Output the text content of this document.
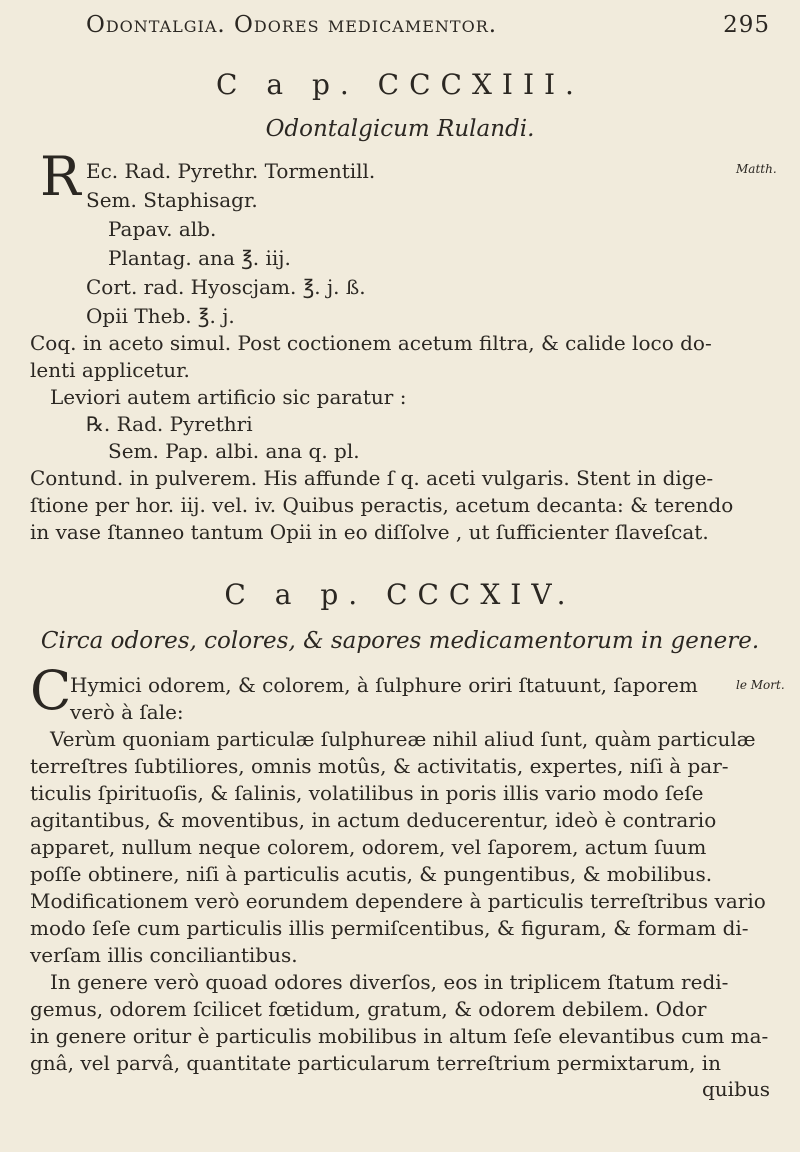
Odontalgia. Odores medicamentor.	295
C a p. CCCXIII.
Odontalgicum Rulandi.
R	Matth.
Ec. Rad. Pyrethr. Tormentill.
Sem. Staphisagr.
Papav. alb.
Plantag. ana ℥. iij.
Cort. rad. Hyoscjam. ℥. j. ß.
Opii Theb. ℥. j.
Coq. in aceto simul. Post coctionem acetum filtra, & calide loco do-
lenti applicetur.
Leviori autem artificio sic paratur :
℞. Rad. Pyrethri
Sem. Pap. albi. ana q. pl.
Contund. in pulverem. His affunde ſ q. aceti vulgaris. Stent in dige-
ſtione per hor. iij. vel. iv. Quibus peractis, acetum decanta: & terendo
in vase ſtanneo tantum Opii in eo diſſolve , ut ſufficienter ſlaveſcat.
C a p. CCCXIV.
Circa odores, colores, & sapores medicamentorum in genere.
C	le Mort.
Hymici odorem, & colorem, à ſulphure oriri ſtatuunt, ſaporem
verò à ſale:
Verùm quoniam particulæ ſulphureæ nihil aliud ſunt, quàm particulæ
terreſtres ſubtiliores, omnis motûs, & activitatis, expertes, niſi à par-
ticulis ſpirituoſis, & ſalinis, volatilibus in poris illis vario modo ſeſe
agitantibus, & moventibus, in actum deducerentur, ideò è contrario
apparet, nullum neque colorem, odorem, vel ſaporem, actum ſuum
poſſe obtinere, niſi à particulis acutis, & pungentibus, & mobilibus.
Modificationem verò eorundem dependere à particulis terreſtribus vario
modo ſeſe cum particulis illis permiſcentibus, & figuram, & formam di-
verſam illis conciliantibus.
In genere verò quoad odores diverſos, eos in triplicem ſtatum redi-
gemus, odorem ſcilicet fœtidum, gratum, & odorem debilem. Odor
in genere oritur è particulis mobilibus in altum ſeſe elevantibus cum ma-
gnâ, vel parvâ, quantitate particularum terreſtrium permixtarum, in
quibus
